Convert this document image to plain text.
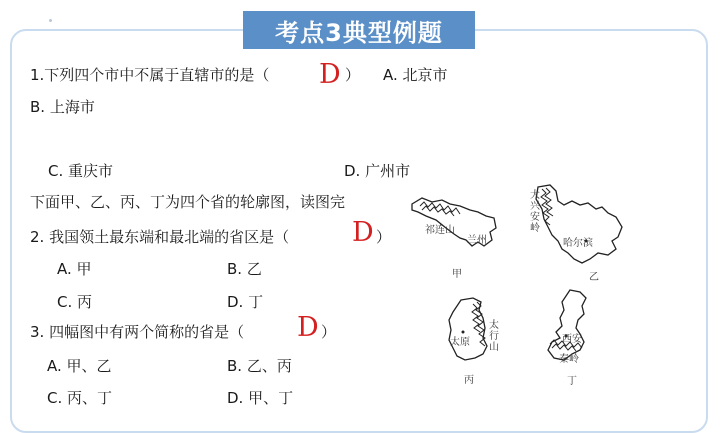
考点3典型例题
1.下列四个市中不属于直辖市的是（ D ） A. 北京市
B. 上海市
C. 重庆市	D. 广州市
下面甲、乙、丙、丁为四个省的轮廓图，读图完
2. 我国领土最东端和最北端的省区是（ D ）
A. 甲	B. 乙
C. 丙	D. 丁
3. 四幅图中有两个简称的省是（ D ）
A. 甲、乙	B. 乙、丙
C. 丙、丁	D. 甲、丁
祁连山
兰州
甲
大
兴
安
岭
哈尔滨
乙
太原
太
行
山
丙
西安
秦岭
丁
